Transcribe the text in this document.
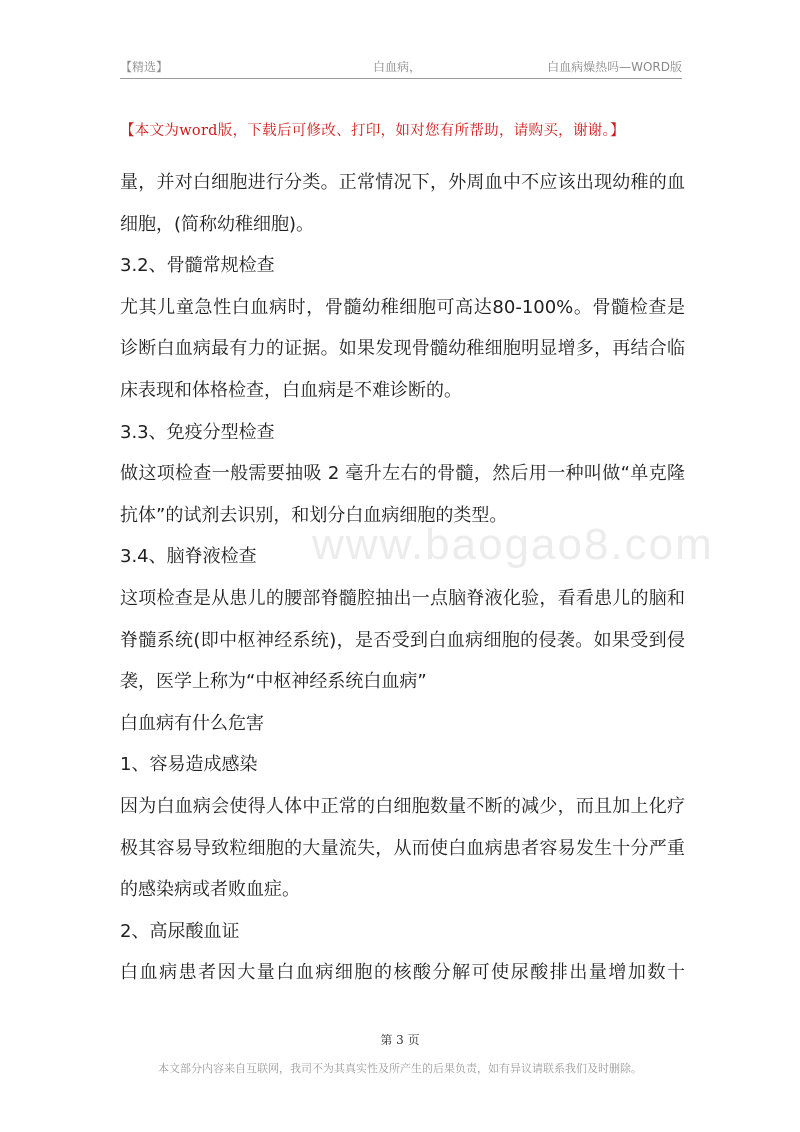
【精选】	白血病，	白血病燥热吗—WORD版
【本文为word版，下载后可修改、打印，如对您有所帮助，请购买，谢谢。】
www.baogao8.com

量，并对白细胞进行分类。正常情况下，外周血中不应该出现幼稚的血细胞，(简称幼稚细胞)。

3.2、骨髓常规检查

尤其儿童急性白血病时，骨髓幼稚细胞可高达80-100%。骨髓检查是诊断白血病最有力的证据。如果发现骨髓幼稚细胞明显增多，再结合临床表现和体格检查，白血病是不难诊断的。

3.3、免疫分型检查

做这项检查一般需要抽吸 2 毫升左右的骨髓，然后用一种叫做“单克隆抗体”的试剂去识别，和划分白血病细胞的类型。

3.4、脑脊液检查

这项检查是从患儿的腰部脊髓腔抽出一点脑脊液化验，看看患儿的脑和脊髓系统(即中枢神经系统)，是否受到白血病细胞的侵袭。如果受到侵袭，医学上称为“中枢神经系统白血病”

白血病有什么危害

1、容易造成感染

因为白血病会使得人体中正常的白细胞数量不断的减少，而且加上化疗极其容易导致粒细胞的大量流失，从而使白血病患者容易发生十分严重的感染病或者败血症。

2、高尿酸血证

白血病患者因大量白血病细胞的核酸分解可使尿酸排出量增加数十

第 3 页
本文部分内容来自互联网，我司不为其真实性及所产生的后果负责，如有异议请联系我们及时删除。
